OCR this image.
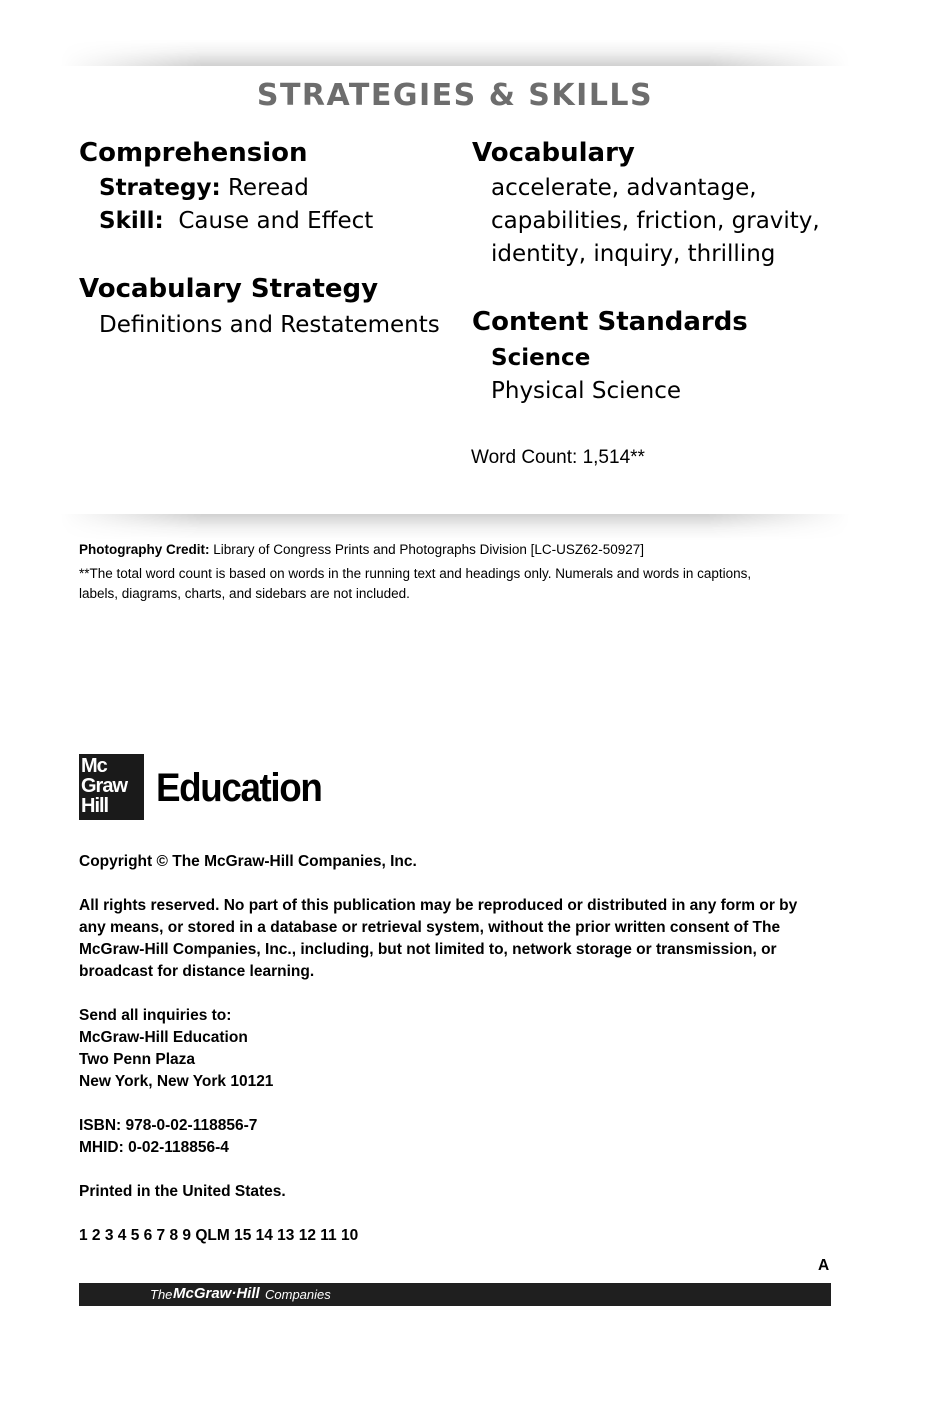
STRATEGIES & SKILLS
Comprehension
Strategy: Reread
Skill: Cause and Effect
Vocabulary Strategy
Definitions and Restatements
Vocabulary
accelerate, advantage,
capabilities, friction, gravity,
identity, inquiry, thrilling
Content Standards
Science
Physical Science
Word Count: 1,514**
Photography Credit: Library of Congress Prints and Photographs Division [LC-USZ62-50927]
**The total word count is based on words in the running text and headings only. Numerals and words in captions,
labels, diagrams, charts, and sidebars are not included.
Mc
Graw
Hill	Education
Copyright © The McGraw-Hill Companies, Inc.
All rights reserved. No part of this publication may be reproduced or distributed in any form or by
any means, or stored in a database or retrieval system, without the prior written consent of The
McGraw-Hill Companies, Inc., including, but not limited to, network storage or transmission, or
broadcast for distance learning.
Send all inquiries to:
McGraw-Hill Education
Two Penn Plaza
New York, New York 10121
ISBN: 978-0-02-118856-7
MHID: 0-02-118856-4
Printed in the United States.
1 2 3 4 5 6 7 8 9 QLM 15 14 13 12 11 10
A
The McGraw·Hill Companies
